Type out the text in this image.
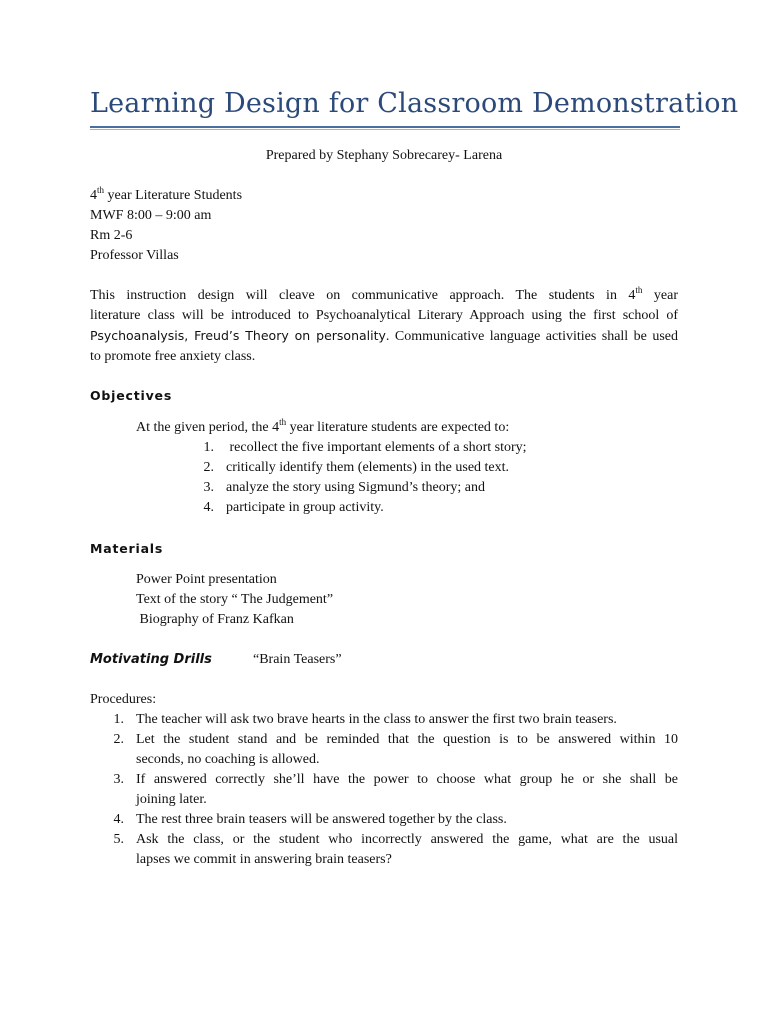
Learning Design for Classroom Demonstration
Prepared by Stephany Sobrecarey- Larena
4th year Literature Students
MWF 8:00 – 9:00 am
Rm 2-6
Professor Villas
This instruction design will cleave on communicative approach. The students in 4th year
literature class will be introduced to Psychoanalytical Literary Approach using the first school of
Psychoanalysis, Freud’s Theory on personality. Communicative language activities shall be used
to promote free anxiety class.
Objectives
At the given period, the 4th year literature students are expected to:
1. recollect the five important elements of a short story;
2. critically identify them (elements) in the used text.
3. analyze the story using Sigmund’s theory; and
4. participate in group activity.
Materials
Power Point presentation
Text of the story “ The Judgement”
Biography of Franz Kafkan
Motivating Drills	“Brain Teasers”
Procedures:
1. The teacher will ask two brave hearts in the class to answer the first two brain teasers.
2. Let the student stand and be reminded that the question is to be answered within 10
seconds, no coaching is allowed.
3. If answered correctly she’ll have the power to choose what group he or she shall be
joining later.
4. The rest three brain teasers will be answered together by the class.
5. Ask the class, or the student who incorrectly answered the game, what are the usual
lapses we commit in answering brain teasers?
